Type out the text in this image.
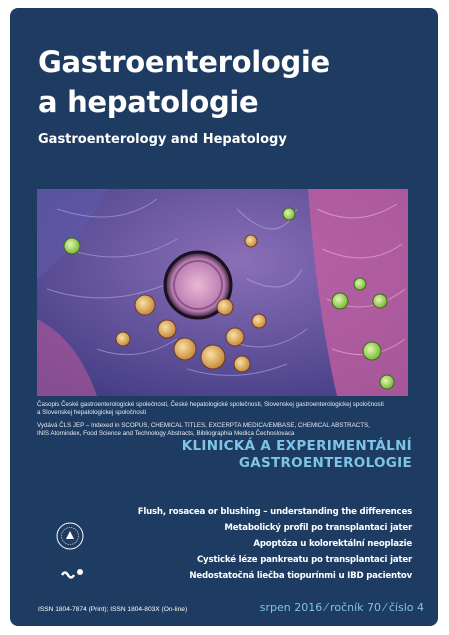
Gastroenterologie
a hepatologie
Gastroenterology and Hepatology
Časopis České gastroenterologické společnosti, České hepatologické společnosti, Slovenskej gastroenterologickej spoločnosti
a Slovenskej hepatologickej spoločnosti
Vydává ČLS JEP – Indexed in SCOPUS, CHEMICAL TITLES, EXCERPTA MEDICA/EMBASE, CHEMICAL ABSTRACTS,
INIS Atomindex, Food Science and Technology Abstracts, Bibliographia Medica Čechoslovaca
KLINICKÁ A EXPERIMENTÁLNÍ
GASTROENTEROLOGIE
Flush, rosacea or blushing – understanding the differences
Metabolický profil po transplantaci jater
Apoptóza u kolorektální neoplazie
Cystické léze pankreatu po transplantaci jater
Nedostatočná liečba tiopurínmi u IBD pacientov
ISSN 1804-7874 (Print); ISSN 1804-803X (On-line)	srpen 2016 ⁄ ročník 70 ⁄ číslo 4
